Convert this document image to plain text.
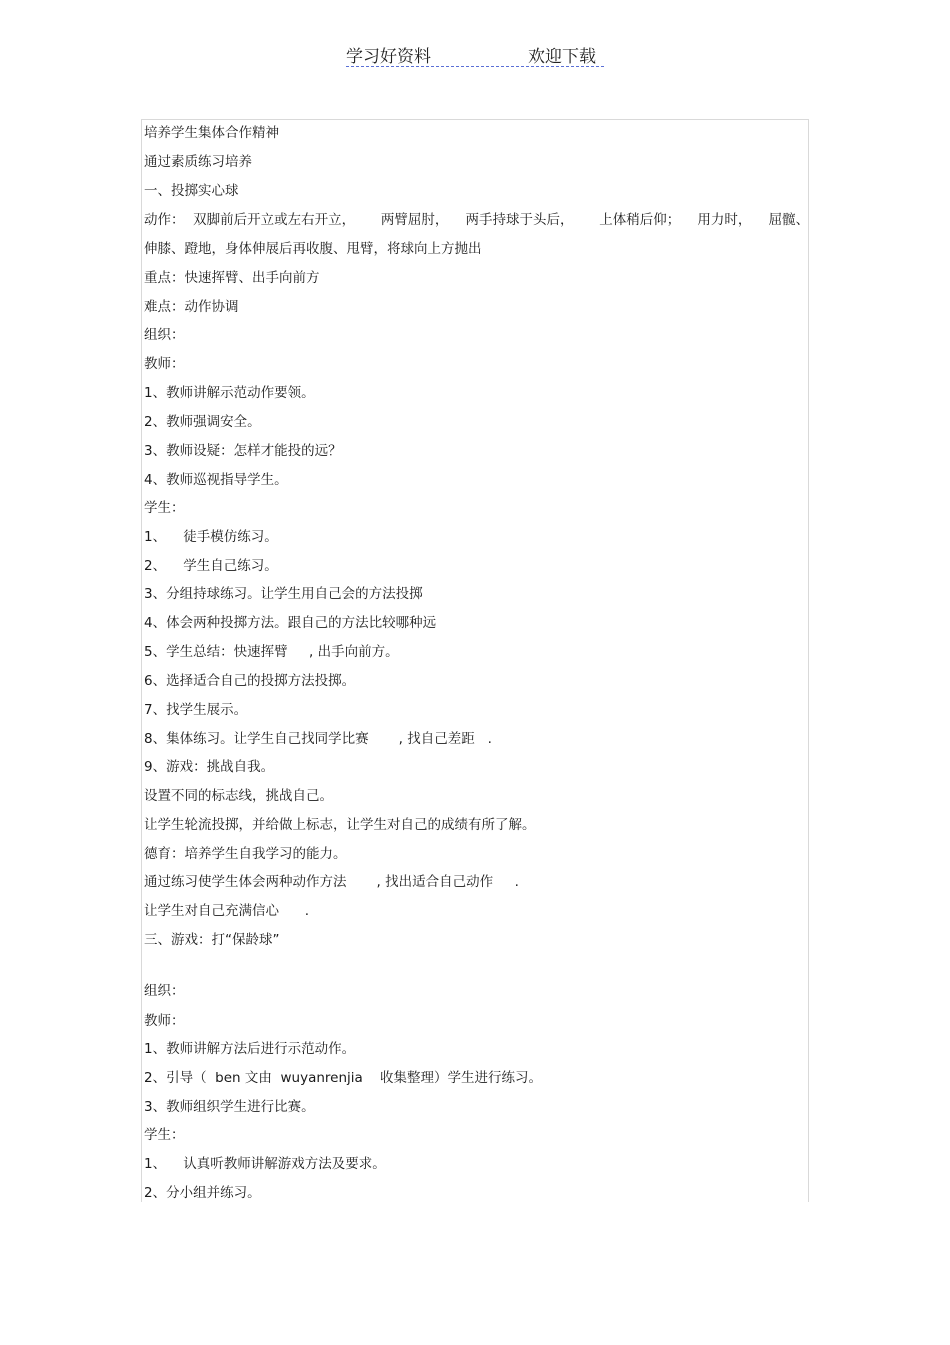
学习好资料	欢迎下载
培养学生集体合作精神
通过素质练习培养
一、投掷实心球
动作：  双脚前后开立或左右开立，      两臂屈肘，    两手持球于头后，      上体稍后仰；    用力时，    屈髋、
伸膝、蹬地，身体伸展后再收腹、甩臂，将球向上方抛出
重点：快速挥臂、出手向前方
难点：动作协调
组织：
教师：
1、教师讲解示范动作要领。
2、教师强调安全。
3、教师设疑：怎样才能投的远？
4、教师巡视指导学生。
学生：
1、    徒手模仿练习。
2、    学生自己练习。
3、分组持球练习。让学生用自己会的方法投掷
4、体会两种投掷方法。跟自己的方法比较哪种远
5、学生总结：快速挥臂     , 出手向前方。
6、选择适合自己的投掷方法投掷。
7、找学生展示。
8、集体练习。让学生自己找同学比赛       , 找自己差距   .
9、游戏：挑战自我。
设置不同的标志线，挑战自己。
让学生轮流投掷，并给做上标志，让学生对自己的成绩有所了解。
德育：培养学生自我学习的能力。
通过练习使学生体会两种动作方法       , 找出适合自己动作     .
让学生对自己充满信心      .
三、游戏：打“保龄球”
组织：
教师：
1、教师讲解方法后进行示范动作。
2、引导（  ben 文由  wuyanrenjia    收集整理）学生进行练习。
3、教师组织学生进行比赛。
学生：
1、    认真听教师讲解游戏方法及要求。
2、分小组并练习。
